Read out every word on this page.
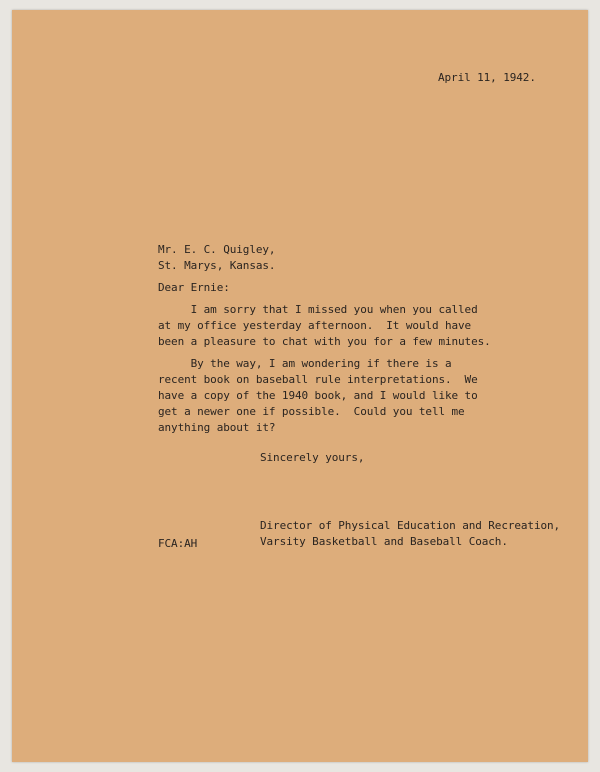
April 11, 1942.
Mr. E. C. Quigley,
St. Marys, Kansas.
Dear Ernie:
I am sorry that I missed you when you called
at my office yesterday afternoon.  It would have
been a pleasure to chat with you for a few minutes.
By the way, I am wondering if there is a
recent book on baseball rule interpretations.  We
have a copy of the 1940 book, and I would like to
get a newer one if possible.  Could you tell me
anything about it?
Sincerely yours,
Director of Physical Education and Recreation,
Varsity Basketball and Baseball Coach.
FCA:AH
